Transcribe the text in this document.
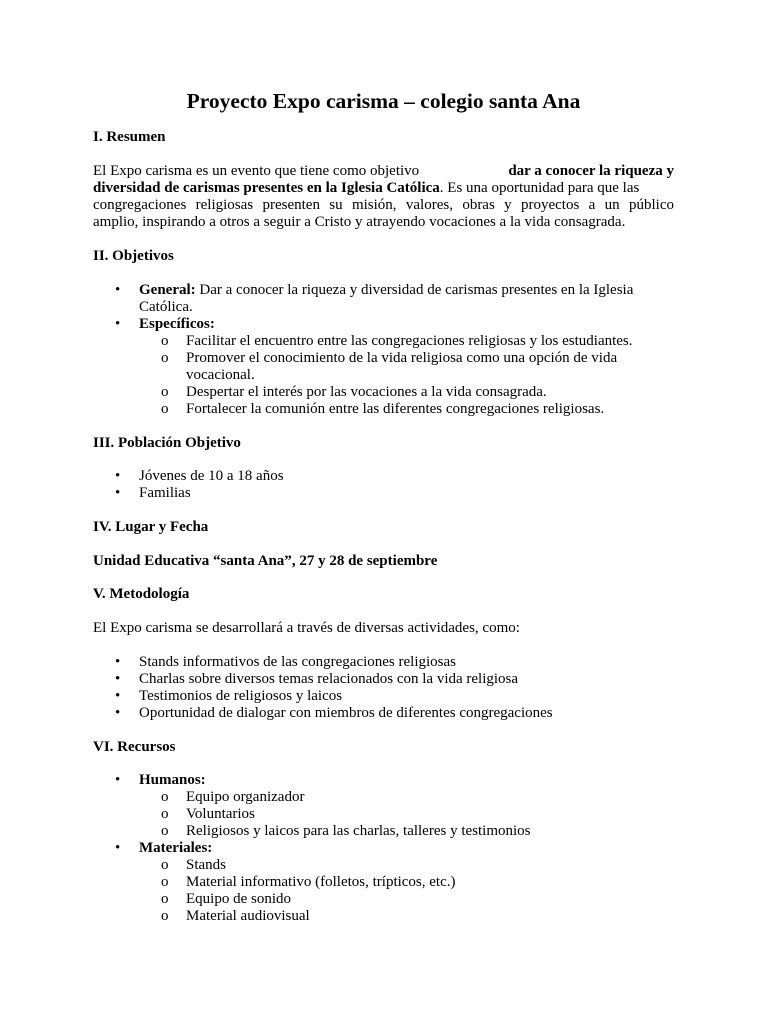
Proyecto Expo carisma – colegio santa Ana
I. Resumen
El Expo carisma es un evento que tiene como objetivo	dar a conocer la riqueza y
diversidad de carismas presentes en la Iglesia Católica. Es una oportunidad para que las
congregaciones religiosas presenten su misión, valores, obras y proyectos a un público
amplio, inspirando a otros a seguir a Cristo y atrayendo vocaciones a la vida consagrada.
II. Objetivos
•	General: Dar a conocer la riqueza y diversidad de carismas presentes en la Iglesia
Católica.
•	Específicos:
o Facilitar el encuentro entre las congregaciones religiosas y los estudiantes.
o Promover el conocimiento de la vida religiosa como una opción de vida
vocacional.
o Despertar el interés por las vocaciones a la vida consagrada.
o Fortalecer la comunión entre las diferentes congregaciones religiosas.
III. Población Objetivo
•	Jóvenes de 10 a 18 años
•	Familias
IV. Lugar y Fecha
Unidad Educativa “santa Ana”, 27 y 28 de septiembre
V. Metodología
El Expo carisma se desarrollará a través de diversas actividades, como:
•	Stands informativos de las congregaciones religiosas
•	Charlas sobre diversos temas relacionados con la vida religiosa
•	Testimonios de religiosos y laicos
•	Oportunidad de dialogar con miembros de diferentes congregaciones
VI. Recursos
•	Humanos:
o Equipo organizador
o Voluntarios
o Religiosos y laicos para las charlas, talleres y testimonios
•	Materiales:
o Stands
o Material informativo (folletos, trípticos, etc.)
o Equipo de sonido
o Material audiovisual
